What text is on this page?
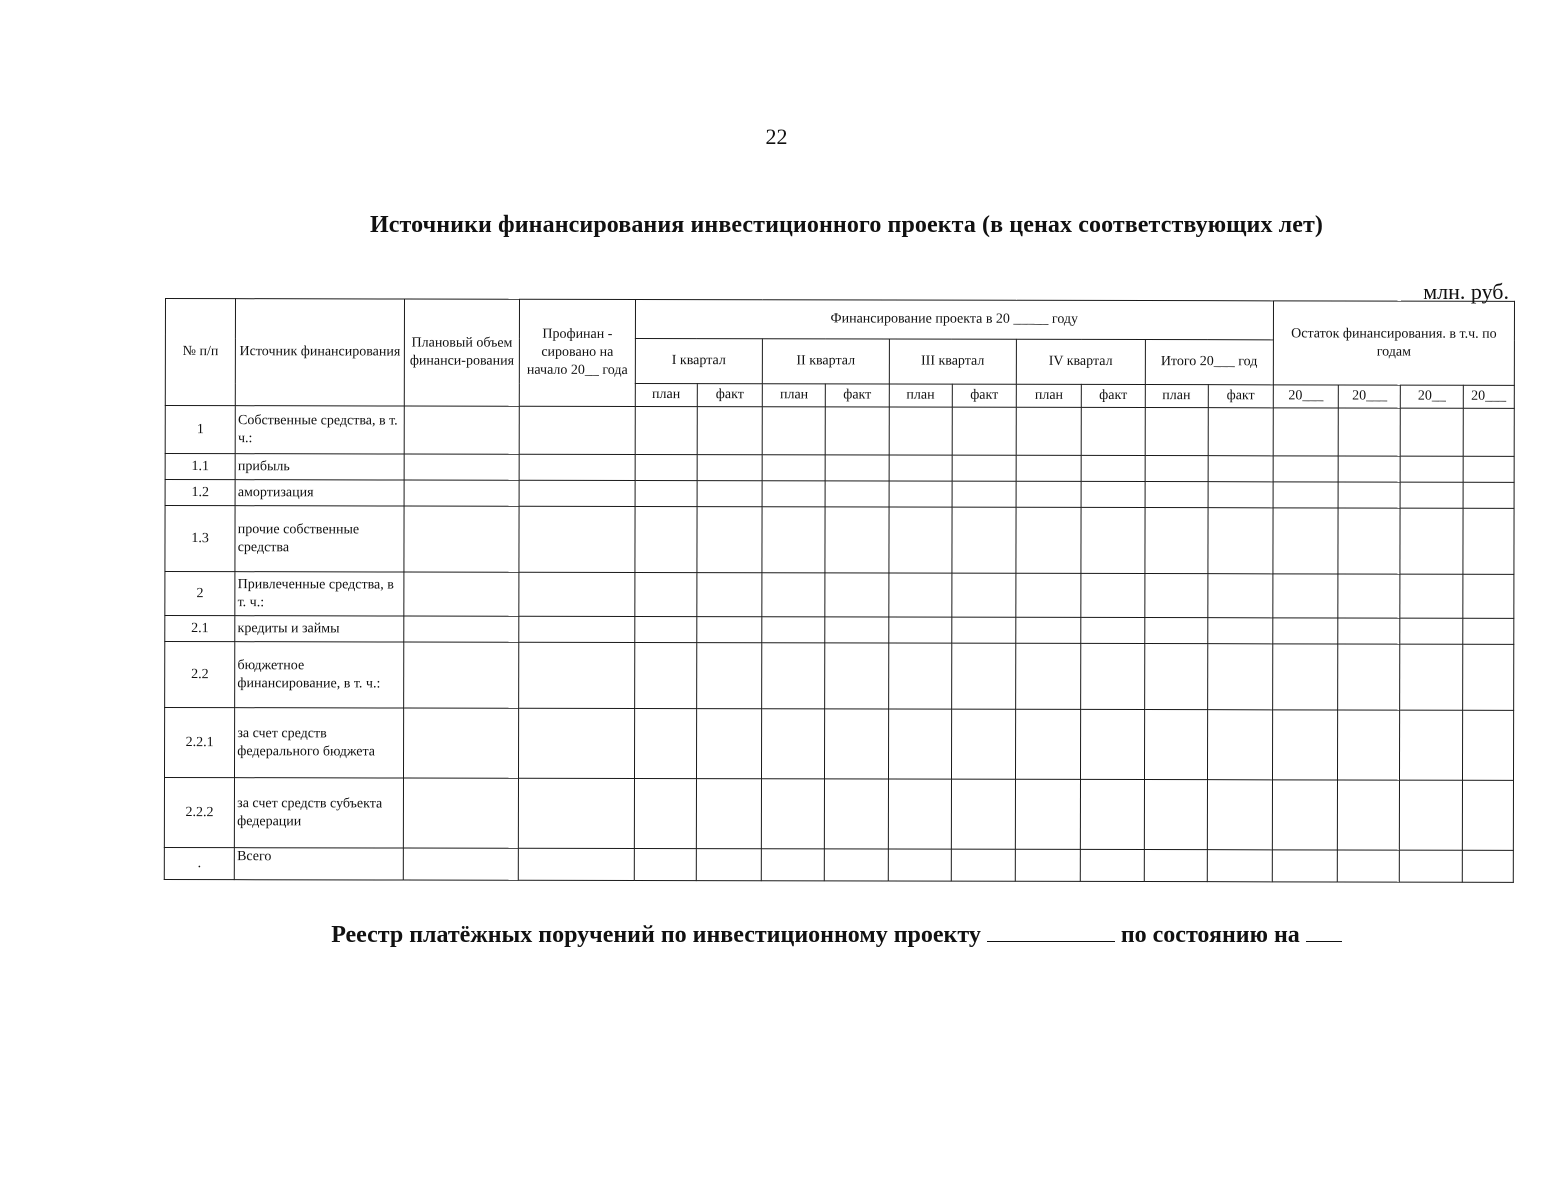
22
Источники финансирования инвестиционного проекта (в ценах соответствующих лет)
млн. руб.
№ п/п	Источник финансирования	Плановый объем финанси-рования	Профинан - сировано на начало 20__ года	Финансирование проекта в 20 _____ году										Остаток финансирования. в т.ч. по годам			
				I квартал		II квартал		III квартал		IV квартал		Итого 20___ год					
				план	факт	план	факт	план	факт	план	факт	план	факт	20___	20___	20__	20___
1	Собственные средства, в т. ч.:																
1.1	прибыль																
1.2	амортизация																
1.3	прочие собственные средства																
2	Привлеченные средства, в т. ч.:																
2.1	кредиты и займы																
2.2	бюджетное финансирование, в т. ч.:																
2.2.1	за счет средств федерального бюджета																
2.2.2	за счет средств субъекта федерации																
.	Всего																
Реестр платёжных поручений по инвестиционному проекту	по состоянию на
